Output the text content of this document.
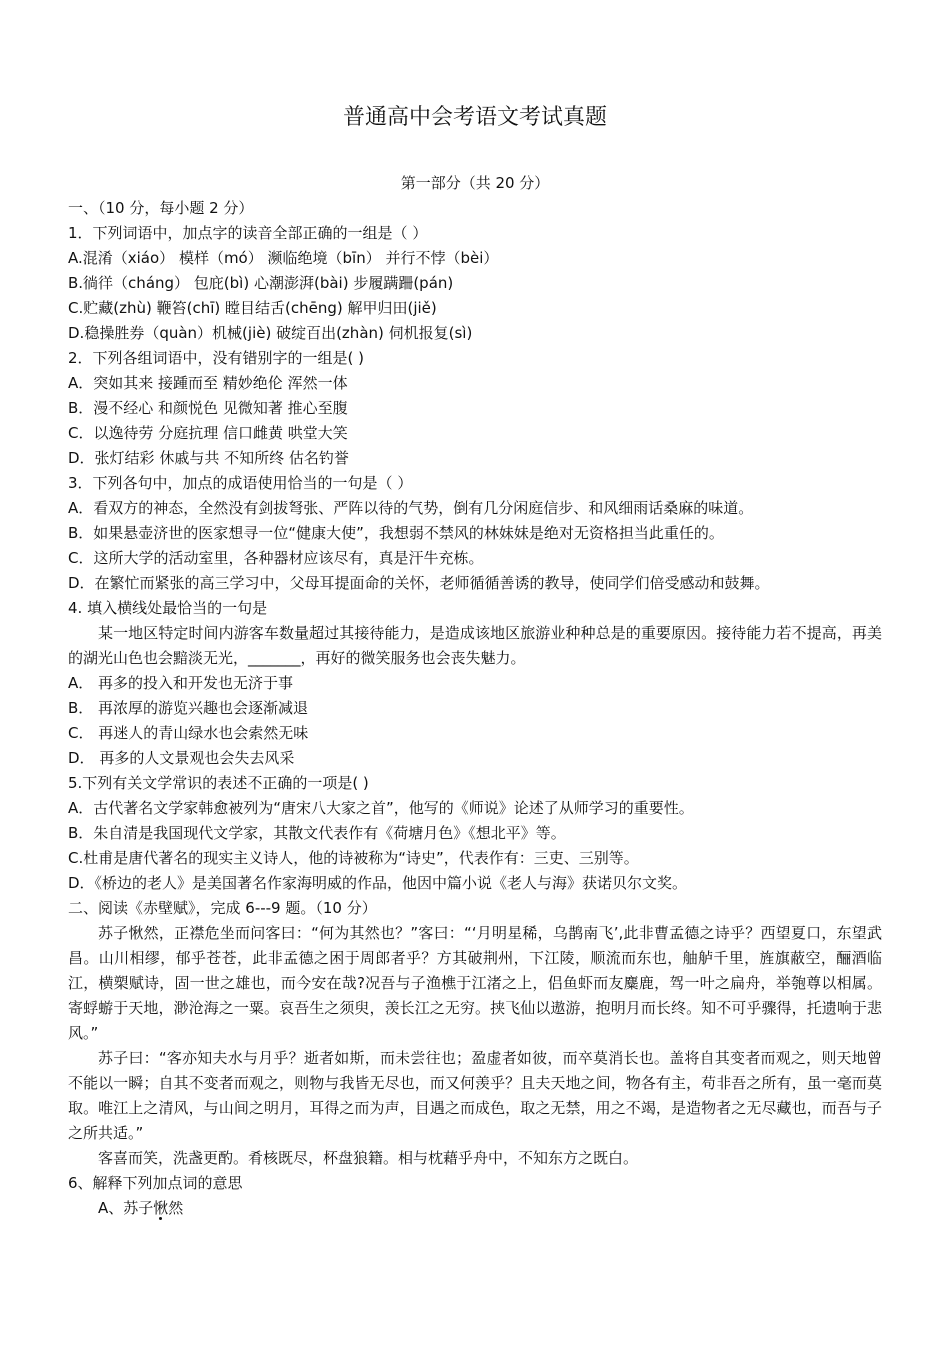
普通高中会考语文考试真题
第一部分（共 20 分）
一、（10 分，每小题 2 分）
1．下列词语中，加点字的读音全部正确的一组是（ ）
A.混淆（xiáo） 模样（mó） 濒临绝境（bīn） 并行不悖（bèi）
B.徜徉（cháng） 包庇(bì) 心潮澎湃(bài) 步履蹒跚(pán)
C.贮藏(zhù) 鞭笞(chī) 瞠目结舌(chēng) 解甲归田(jiě)
D.稳操胜券（quàn）机械(jiè) 破绽百出(zhàn) 伺机报复(sì)
2．下列各组词语中，没有错别字的一组是( )
A．突如其来 接踵而至 精妙绝伦 浑然一体
B．漫不经心 和颜悦色 见微知著 推心至腹
C．以逸待劳 分庭抗理 信口雌黄 哄堂大笑
D．张灯结彩 休戚与共 不知所终 估名钓誉
3．下列各句中，加点的成语使用恰当的一句是（ ）
A．看双方的神态，全然没有剑拔弩张、严阵以待的气势，倒有几分闲庭信步、和风细雨话桑麻的味道。
B．如果悬壶济世的医家想寻一位“健康大使”，我想弱不禁风的林妹妹是绝对无资格担当此重任的。
C．这所大学的活动室里，各种器材应该尽有，真是汗牛充栋。
D．在繁忙而紧张的高三学习中，父母耳提面命的关怀，老师循循善诱的教导，使同学们倍受感动和鼓舞。
4. 填入横线处最恰当的一句是
某一地区特定时间内游客车数量超过其接待能力，是造成该地区旅游业种种总是的重要原因。接待能力若不提高，再美的湖光山色也会黯淡无光，_______，再好的微笑服务也会丧失魅力。
A． 再多的投入和开发也无济于事
B． 再浓厚的游览兴趣也会逐渐减退
C． 再迷人的青山绿水也会索然无味
D． 再多的人文景观也会失去风采
5.下列有关文学常识的表述不正确的一项是( )
A．古代著名文学家韩愈被列为“唐宋八大家之首”，他写的《师说》论述了从师学习的重要性。
B．朱自清是我国现代文学家，其散文代表作有《荷塘月色》《想北平》等。
C.杜甫是唐代著名的现实主义诗人，他的诗被称为“诗史”，代表作有：三吏、三别等。
D．《桥边的老人》是美国著名作家海明威的作品，他因中篇小说《老人与海》获诺贝尔文奖。
二、阅读《赤壁赋》，完成 6---9 题。（10 分）
苏子愀然，正襟危坐而问客曰：“何为其然也？”客曰：“‘月明星稀，乌鹊南飞’,此非曹孟德之诗乎？西望夏口，东望武昌。山川相缪，郁乎苍苍，此非孟德之困于周郎者乎？方其破荆州，下江陵，顺流而东也，舳舻千里，旌旗蔽空，酾酒临江，横槊赋诗，固一世之雄也，而今安在哉?况吾与子渔樵于江渚之上，侣鱼虾而友麋鹿，驾一叶之扁舟，举匏尊以相属。寄蜉蝣于天地，渺沧海之一粟。哀吾生之须臾，羡长江之无穷。挟飞仙以遨游，抱明月而长终。知不可乎骤得，托遗响于悲风。”
苏子曰：“客亦知夫水与月乎？逝者如斯，而未尝往也；盈虚者如彼，而卒莫消长也。盖将自其变者而观之，则天地曾不能以一瞬；自其不变者而观之，则物与我皆无尽也，而又何羡乎？且夫天地之间，物各有主，苟非吾之所有，虽一毫而莫取。唯江上之清风，与山间之明月，耳得之而为声，目遇之而成色，取之无禁，用之不竭，是造物者之无尽藏也，而吾与子之所共适。”
客喜而笑，洗盏更酌。肴核既尽，杯盘狼籍。相与枕藉乎舟中，不知东方之既白。
6、解释下列加点词的意思
A、苏子愀然
